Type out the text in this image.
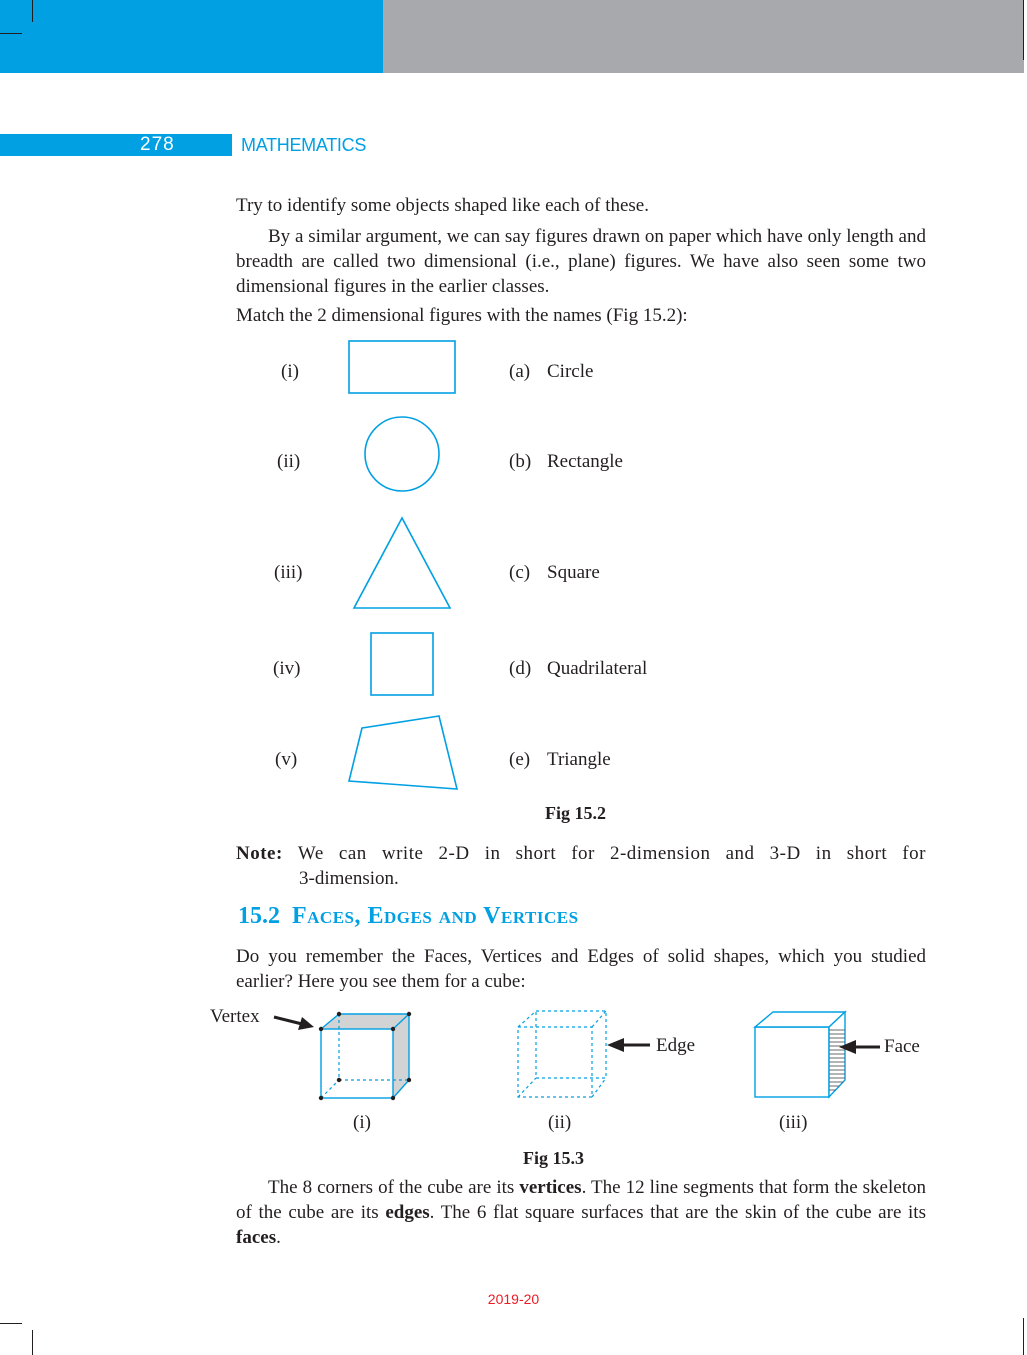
278	MATHEMATICS

Try to identify some objects shaped like each of these.

By a similar argument, we can say figures drawn on paper which have only length and breadth are called two dimensional (i.e., plane) figures. We have also seen some two dimensional figures in the earlier classes.

Match the 2 dimensional figures with the names (Fig 15.2):

(i)
(ii)
(iii)
(iv)
(v)
(a) Circle
(b) Rectangle
(c) Square
(d) Quadrilateral
(e) Triangle
Fig 15.2
Note: We can write 2-D in short for 2-dimension and 3-D in short for
3-dimension.
15.2 Faces, Edges and Vertices

Do you remember the Faces, Vertices and Edges of solid shapes, which you studied earlier? Here you see them for a cube:

Vertex
Edge	Face
(i)	(ii)	(iii)
Fig 15.3

The 8 corners of the cube are its vertices. The 12 line segments that form the skeleton of the cube are its edges. The 6 flat square surfaces that are the skin of the cube are its faces.

2019-20
